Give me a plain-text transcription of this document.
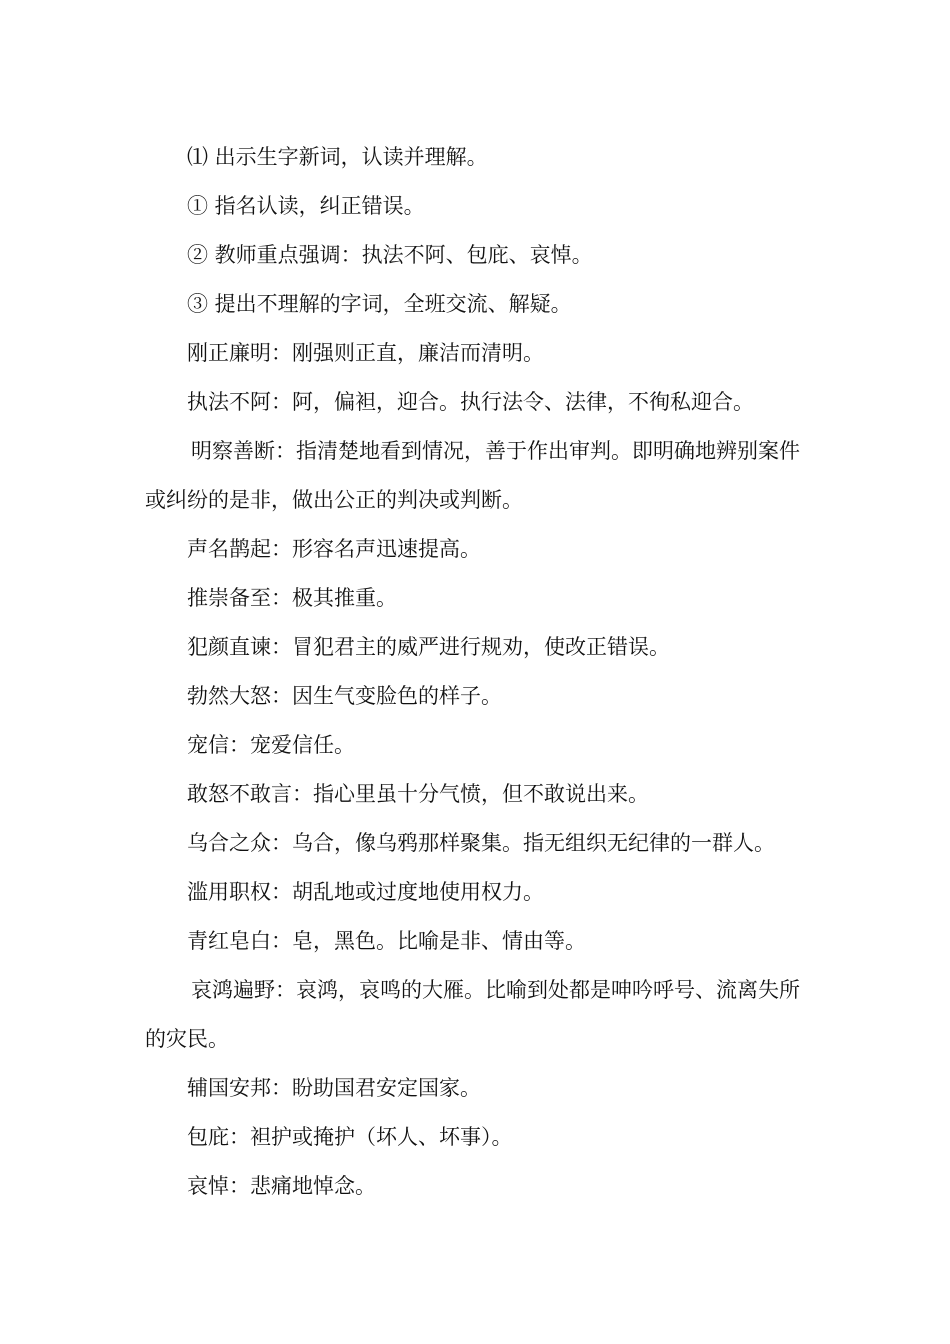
⑴ 出示生字新词，认读并理解。

① 指名认读，纠正错误。

② 教师重点强调：执法不阿、包庇、哀悼。

③ 提出不理解的字词，全班交流、解疑。

刚正廉明：刚强则正直，廉洁而清明。

执法不阿：阿，偏袒，迎合。执行法令、法律，不徇私迎合。

明察善断：指清楚地看到情况，善于作出审判。即明确地辨别案件或纠纷的是非，做出公正的判决或判断。

声名鹊起：形容名声迅速提高。

推崇备至：极其推重。

犯颜直谏：冒犯君主的威严进行规劝，使改正错误。

勃然大怒：因生气变脸色的样子。

宠信：宠爱信任。

敢怒不敢言：指心里虽十分气愤，但不敢说出来。

乌合之众：乌合，像乌鸦那样聚集。指无组织无纪律的一群人。

滥用职权：胡乱地或过度地使用权力。

青红皂白：皂，黑色。比喻是非、情由等。

哀鸿遍野：哀鸿，哀鸣的大雁。比喻到处都是呻吟呼号、流离失所的灾民。

辅国安邦：盼助国君安定国家。

包庇：袒护或掩护（坏人、坏事）。

哀悼：悲痛地悼念。
